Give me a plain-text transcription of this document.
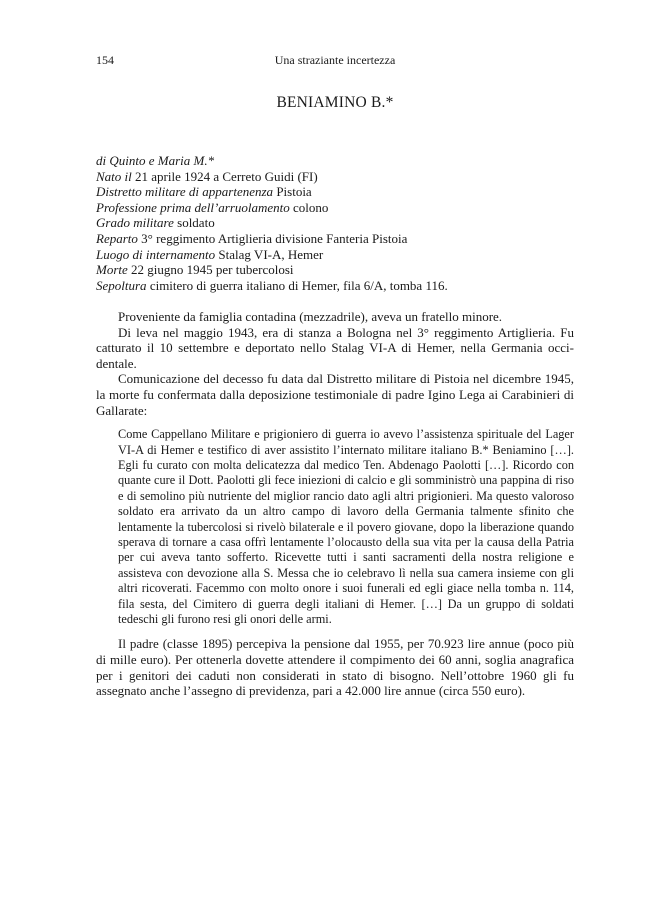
154	Una straziante incertezza
BENIAMINO B.*
di Quinto e Maria M.*
Nato il 21 aprile 1924 a Cerreto Guidi (FI)
Distretto militare di appartenenza Pistoia
Professione prima dell’arruolamento colono
Grado militare soldato
Reparto 3° reggimento Artiglieria divisione Fanteria Pistoia
Luogo di internamento Stalag VI-A, Hemer
Morte 22 giugno 1945 per tubercolosi
Sepoltura cimitero di guerra italiano di Hemer, fila 6/A, tomba 116.

Proveniente da famiglia contadina (mezzadrile), aveva un fratello minore.

Di leva nel maggio 1943, era di stanza a Bologna nel 3° reggimento Artiglieria. Fu catturato il 10 settembre e deportato nello Stalag VI-A di Hemer, nella Germania occidentale.

Comunicazione del decesso fu data dal Distretto militare di Pistoia nel dicembre 1945, la morte fu confermata dalla deposizione testimoniale di padre Igino Lega ai Carabinieri di Gallarate:

Come Cappellano Militare e prigioniero di guerra io avevo l’assistenza spirituale del Lager VI-A di Hemer e testifico di aver assistito l’internato militare italiano B.* Beniamino […]. Egli fu curato con molta delicatezza dal medico Ten. Abdenago Paolotti […]. Ricordo con quante cure il Dott. Paolotti gli fece iniezioni di calcio e gli somministrò una pappina di riso e di semolino più nutriente del miglior rancio dato agli altri prigionieri. Ma questo valoroso soldato era arrivato da un altro campo di lavoro della Germania talmente sfinito che lentamente la tubercolosi si rivelò bilaterale e il povero giovane, dopo la liberazione quando sperava di tornare a casa offrì lentamente l’olocausto della sua vita per la causa della Patria per cui aveva tanto sofferto. Ricevette tutti i santi sacramenti della nostra religione e assisteva con devozione alla S. Messa che io celebravo lì nella sua camera insieme con gli altri ricoverati. Facemmo con molto onore i suoi funerali ed egli giace nella tomba n. 114, fila sesta, del Cimitero di guerra degli italiani di Hemer. […] Da un gruppo di soldati tedeschi gli furono resi gli onori delle armi.

Il padre (classe 1895) percepiva la pensione dal 1955, per 70.923 lire annue (poco più di mille euro). Per ottenerla dovette attendere il compimento dei 60 anni, soglia anagrafica per i genitori dei caduti non considerati in stato di bisogno. Nell’ottobre 1960 gli fu assegnato anche l’assegno di previdenza, pari a 42.000 lire annue (circa 550 euro).
